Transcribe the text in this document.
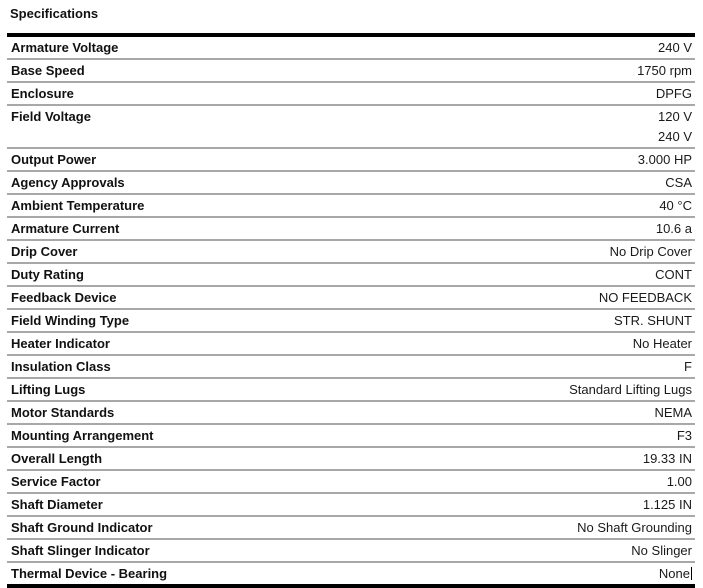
Specifications
Armature Voltage	240 V
Base Speed	1750 rpm
Enclosure	DPFG
Field Voltage	120 V
240 V
Output Power	3.000 HP
Agency Approvals	CSA
Ambient Temperature	40 °C
Armature Current	10.6 a
Drip Cover	No Drip Cover
Duty Rating	CONT
Feedback Device	NO FEEDBACK
Field Winding Type	STR. SHUNT
Heater Indicator	No Heater
Insulation Class	F
Lifting Lugs	Standard Lifting Lugs
Motor Standards	NEMA
Mounting Arrangement	F3
Overall Length	19.33 IN
Service Factor	1.00
Shaft Diameter	1.125 IN
Shaft Ground Indicator	No Shaft Grounding
Shaft Slinger Indicator	No Slinger
Thermal Device - Bearing	None
